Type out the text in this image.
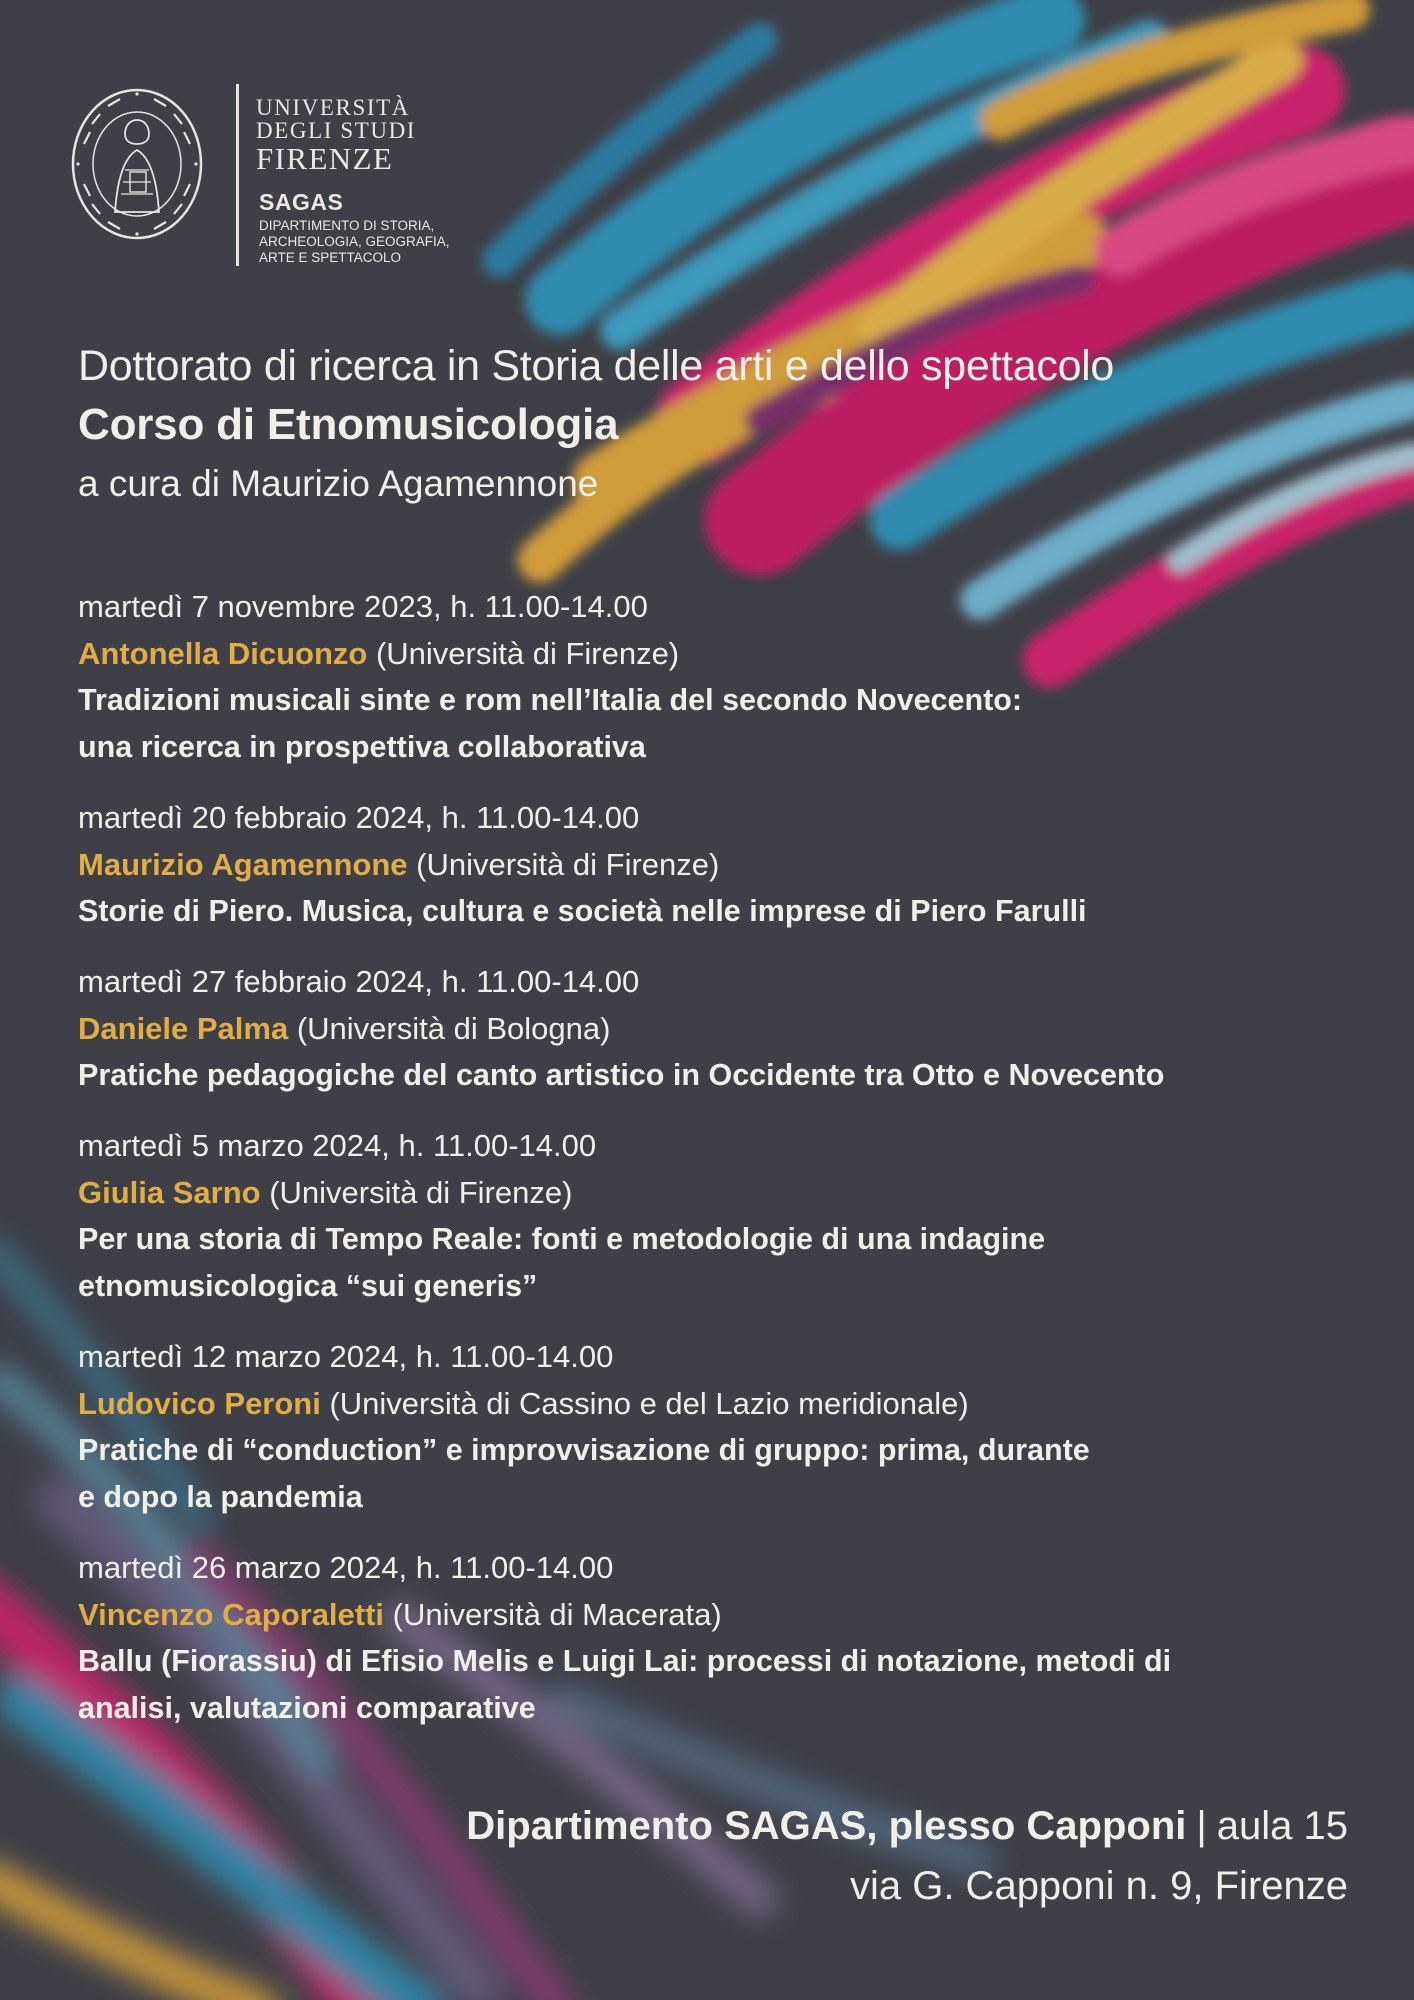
UNIVERSITÀ
DEGLI STUDI
FIRENZE
SAGAS
DIPARTIMENTO DI STORIA, ARCHEOLOGIA, GEOGRAFIA, ARTE E SPETTACOLO
Dottorato di ricerca in Storia delle arti e dello spettacolo
Corso di Etnomusicologia
a cura di Maurizio Agamennone
martedì 7 novembre 2023, h. 11.00-14.00
Antonella Dicuonzo (Università di Firenze)
Tradizioni musicali sinte e rom nell’Italia del secondo Novecento:
una ricerca in prospettiva collaborativa
martedì 20 febbraio 2024, h. 11.00-14.00
Maurizio Agamennone (Università di Firenze)
Storie di Piero. Musica, cultura e società nelle imprese di Piero Farulli
martedì 27 febbraio 2024, h. 11.00-14.00
Daniele Palma (Università di Bologna)
Pratiche pedagogiche del canto artistico in Occidente tra Otto e Novecento
martedì 5 marzo 2024, h. 11.00-14.00
Giulia Sarno (Università di Firenze)
Per una storia di Tempo Reale: fonti e metodologie di una indagine
etnomusicologica “sui generis”
martedì 12 marzo 2024, h. 11.00-14.00
Ludovico Peroni (Università di Cassino e del Lazio meridionale)
Pratiche di “conduction” e improvvisazione di gruppo: prima, durante
e dopo la pandemia
martedì 26 marzo 2024, h. 11.00-14.00
Vincenzo Caporaletti (Università di Macerata)
Ballu (Fiorassiu) di Efisio Melis e Luigi Lai: processi di notazione, metodi di
analisi, valutazioni comparative
Dipartimento SAGAS, plesso Capponi | aula 15
via G. Capponi n. 9, Firenze
